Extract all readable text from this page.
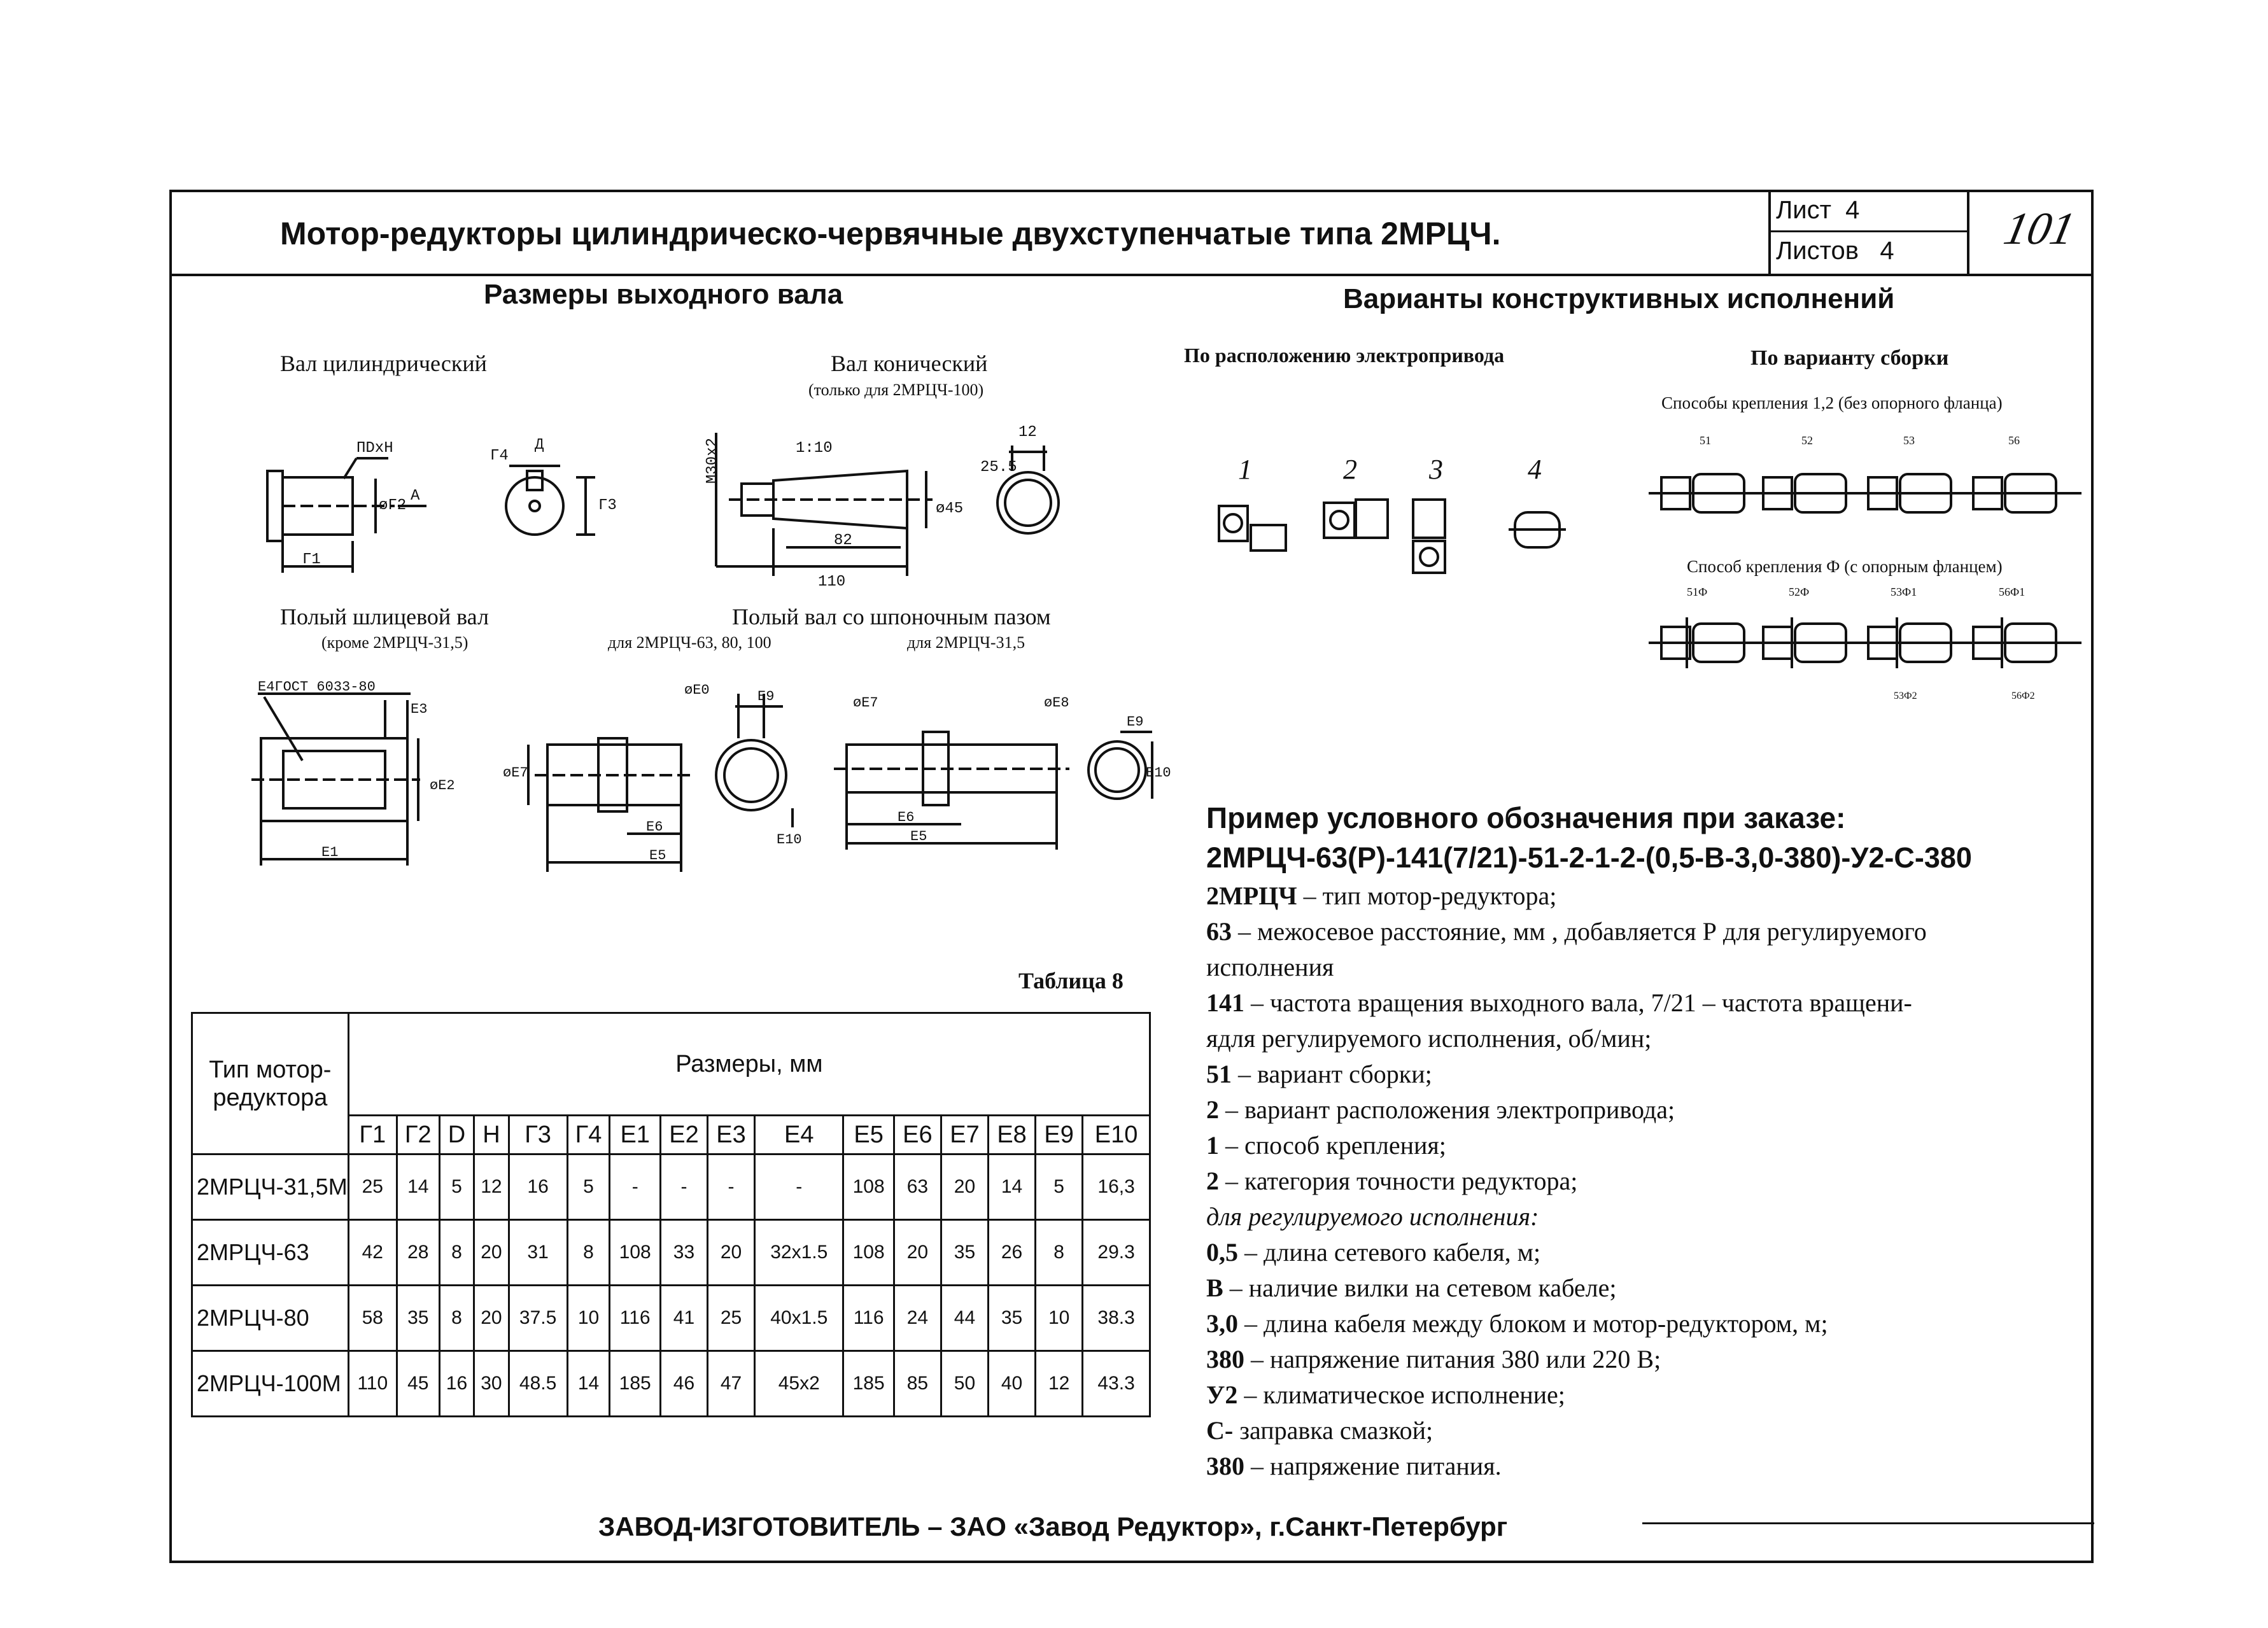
Мотор-редукторы цилиндрическо-червячные двухступенчатые типа 2МРЦЧ.
Лист 4
Листов 4 101
Размеры выходного вала
Вал цилиндрический	Вал конический
(только для 2МРЦЧ-100)
Полый шлицевой вал
(кроме 2МРЦЧ-31,5)
Полый вал со шпоночным пазом
для 2МРЦЧ-63, 80, 100	для 2МРЦЧ-31,5
Г1
ПDxН
øГ2
А
Г4
Д
Г3
М30х2	1:10
ø45
82
110
25.5
12
Е4ГОСТ 6033-80
Е3
øЕ2
Е1
øЕ7
Е5
Е6
øЕ0	Е9
Е10
øЕ7	øЕ8
Е9
Е10
Е6
Е5
Варианты конструктивных исполнений
По расположению электропривода	По варианту сборки
Способы крепления 1,2 (без опорного фланца)
Способ крепления Ф (с опорным фланцем)
1	2	3	4
51	52	53	56
51Ф	52Ф	53Ф1	56Ф1
53Ф2	56Ф2
Таблица 8
Тип мотор-редуктора	Размеры, мм															
	Г1	Г2	D	Н	Г3	Г4	Е1	Е2	Е3	Е4	Е5	Е6	Е7	Е8	Е9	Е10
2МРЦЧ-31,5М	25	14	5	12	16	5	-	-	-	-	108	63	20	14	5	16,3
2МРЦЧ-63	42	28	8	20	31	8	108	33	20	32x1.5	108	20	35	26	8	29.3
2МРЦЧ-80	58	35	8	20	37.5	10	116	41	25	40x1.5	116	24	44	35	10	38.3
2МРЦЧ-100М	110	45	16	30	48.5	14	185	46	47	45x2	185	85	50	40	12	43.3
Пример условного обозначения при заказе:
2МРЦЧ-63(Р)-141(7/21)-51-2-1-2-(0,5-В-3,0-380)-У2-С-380

2МРЦЧ – тип мотор-редуктора;

63 – межосевое расстояние, мм , добавляется Р для регулируемого

исполнения

141 – частота вращения выходного вала, 7/21 – частота вращени-

ядля регулируемого исполнения, об/мин;

51 – вариант сборки;

2 – вариант расположения электропривода;

1 – способ крепления;

2 – категория точности редуктора;

для регулируемого исполнения:

0,5 – длина сетевого кабеля, м;

В – наличие вилки на сетевом кабеле;

3,0 – длина кабеля между блоком и мотор-редуктором, м;

380 – напряжение питания 380 или 220 В;

У2 – климатическое исполнение;

С- заправка смазкой;

380 – напряжение питания.

ЗАВОД-ИЗГОТОВИТЕЛЬ – ЗАО «Завод Редуктор», г.Санкт-Петербург
